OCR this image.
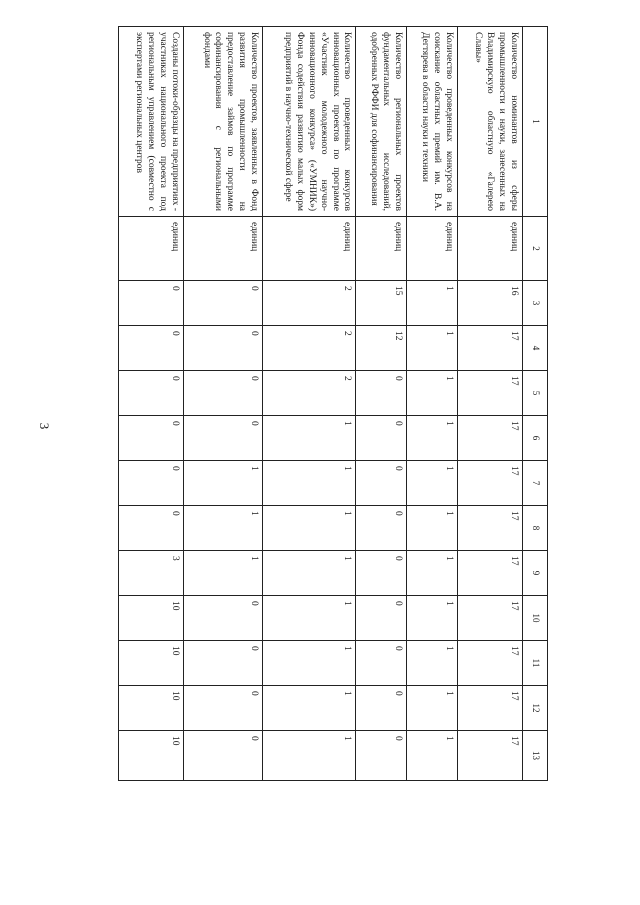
3
1	2	3	4	5	6	7	8	9	10	11	12	13
Количество номинантов из сферы промышленности и науки, занесенных на Владимирскую областную «Галерею Славы»	единиц	16	17	17	17	17	17	17	17	17	17	17
Количество проведенных конкурсов на соискание областных премий им. В.А. Дегтярева в области науки и техники	единиц	1	1	1	1	1	1	1	1	1	1	1
Количество региональных проектов фундаментальных исследований, одобренных РФФИ для софинансирования	единиц	15	12	0	0	0	0	0	0	0	0	0
Количество проведенных конкурсов инновационных проектов по программе «Участник молодежного научно-инновационного конкурса» («УМНИК») Фонда содействия развитию малых форм предприятий в научно-технической сфере	единиц	2	2	2	1	1	1	1	1	1	1	1
Количество проектов, заявленных в Фонд развития промышленности на предоставление займов по программе софинансирования с региональными фондами	единиц	0	0	0	0	1	1	1	0	0	0	0
Созданы потоки-образцы на предприятиях - участниках национального проекта под региональным управлением (совместно с экспертами региональных центров	единиц	0	0	0	0	0	0	3	10	10	10	10
